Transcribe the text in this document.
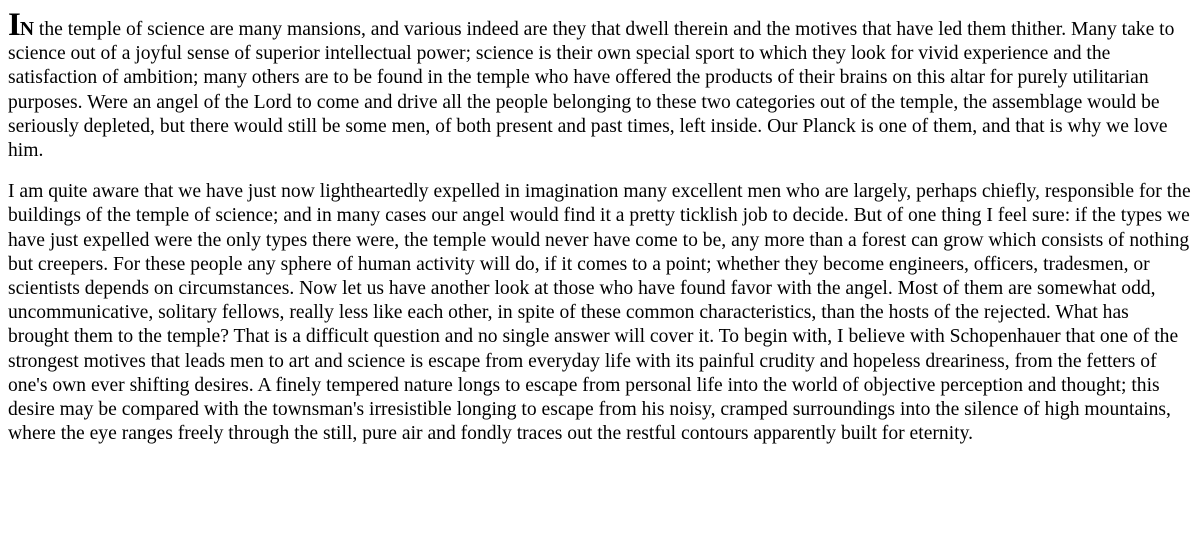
IN the temple of science are many mansions, and various indeed are they that dwell therein and the motives that have led them thither. Many take to science out of a joyful sense of superior intellectual power; science is their own special sport to which they look for vivid experience and the satisfaction of ambition; many others are to be found in the temple who have offered the products of their brains on this altar for purely utilitarian purposes. Were an angel of the Lord to come and drive all the people belonging to these two categories out of the temple, the assemblage would be seriously depleted, but there would still be some men, of both present and past times, left inside. Our Planck is one of them, and that is why we love him.

I am quite aware that we have just now lightheartedly expelled in imagination many excellent men who are largely, perhaps chiefly, responsible for the buildings of the temple of science; and in many cases our angel would find it a pretty ticklish job to decide. But of one thing I feel sure: if the types we have just expelled were the only types there were, the temple would never have come to be, any more than a forest can grow which consists of nothing but creepers. For these people any sphere of human activity will do, if it comes to a point; whether they become engineers, officers, tradesmen, or scientists depends on circumstances. Now let us have another look at those who have found favor with the angel. Most of them are somewhat odd, uncommunicative, solitary fellows, really less like each other, in spite of these common characteristics, than the hosts of the rejected. What has brought them to the temple? That is a difficult question and no single answer will cover it. To begin with, I believe with Schopenhauer that one of the strongest motives that leads men to art and science is escape from everyday life with its painful crudity and hopeless dreariness, from the fetters of one's own ever shifting desires. A finely tempered nature longs to escape from personal life into the world of objective perception and thought; this desire may be compared with the townsman's irresistible longing to escape from his noisy, cramped surroundings into the silence of high mountains, where the eye ranges freely through the still, pure air and fondly traces out the restful contours apparently built for eternity.
